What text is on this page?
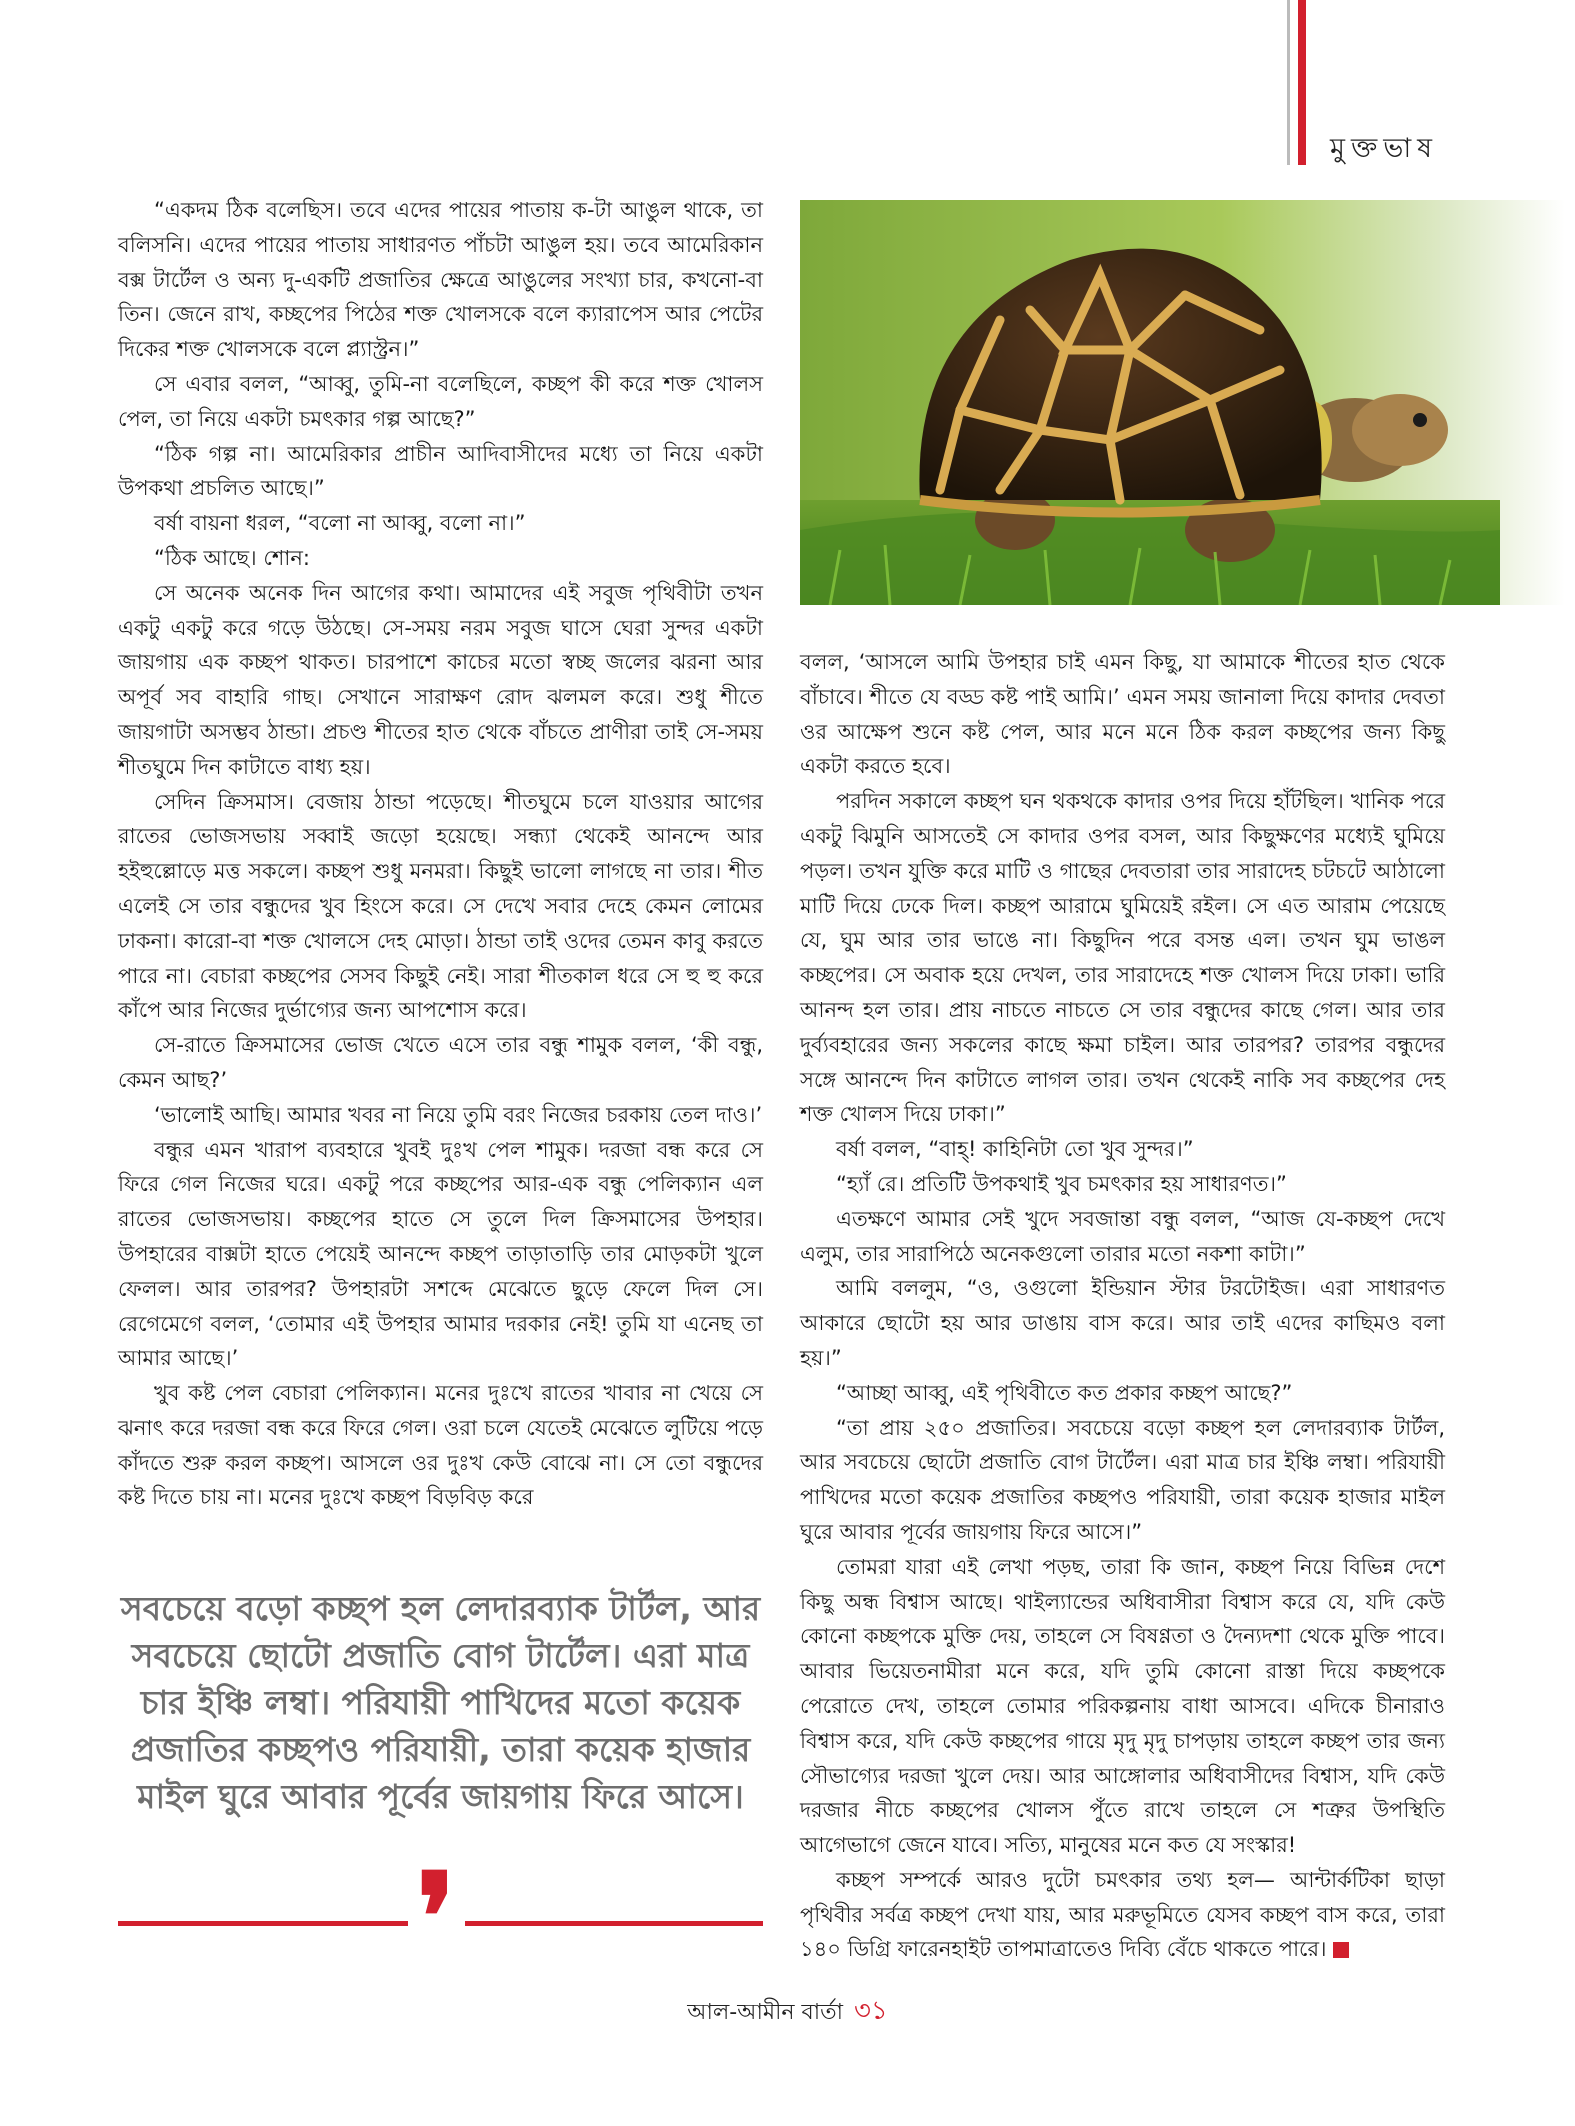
মুক্তভাষ

“একদম ঠিক বলেছিস। তবে এদের পায়ের পাতায় ক-টা আঙুল থাকে, তা বলিসনি। এদের পায়ের পাতায় সাধারণত পাঁচটা আঙুল হয়। তবে আমেরিকান বক্স টার্টেল ও অন্য দু-একটি প্রজাতির ক্ষেত্রে আঙুলের সংখ্যা চার, কখনো-বা তিন। জেনে রাখ, কচ্ছপের পিঠের শক্ত খোলসকে বলে ক্যারাপেস আর পেটের দিকের শক্ত খোলসকে বলে প্ল্যাস্ট্রন।”

সে এবার বলল, “আব্বু, তুমি-না বলেছিলে, কচ্ছপ কী করে শক্ত খোলস পেল, তা নিয়ে একটা চমৎকার গল্প আছে?”

“ঠিক গল্প না। আমেরিকার প্রাচীন আদিবাসীদের মধ্যে তা নিয়ে একটা উপকথা প্রচলিত আছে।”

বর্ষা বায়না ধরল, “বলো না আব্বু, বলো না।”

“ঠিক আছে। শোন:

সে অনেক অনেক দিন আগের কথা। আমাদের এই সবুজ পৃথিবীটা তখন একটু একটু করে গড়ে উঠছে। সে-সময় নরম সবুজ ঘাসে ঘেরা সুন্দর একটা জায়গায় এক কচ্ছপ থাকত। চারপাশে কাচের মতো স্বচ্ছ জলের ঝরনা আর অপূর্ব সব বাহারি গাছ। সেখানে সারাক্ষণ রোদ ঝলমল করে। শুধু শীতে জায়গাটা অসম্ভব ঠান্ডা। প্রচণ্ড শীতের হাত থেকে বাঁচতে প্রাণীরা তাই সে-সময় শীতঘুমে দিন কাটাতে বাধ্য হয়।

সেদিন ক্রিসমাস। বেজায় ঠান্ডা পড়েছে। শীতঘুমে চলে যাওয়ার আগের রাতের ভোজসভায় সব্বাই জড়ো হয়েছে। সন্ধ্যা থেকেই আনন্দে আর হইহুল্লোড়ে মত্ত সকলে। কচ্ছপ শুধু মনমরা। কিছুই ভালো লাগছে না তার। শীত এলেই সে তার বন্ধুদের খুব হিংসে করে। সে দেখে সবার দেহে কেমন লোমের ঢাকনা। কারো-বা শক্ত খোলসে দেহ মোড়া। ঠান্ডা তাই ওদের তেমন কাবু করতে পারে না। বেচারা কচ্ছপের সেসব কিছুই নেই। সারা শীতকাল ধরে সে হু হু করে কাঁপে আর নিজের দুর্ভাগ্যের জন্য আপশোস করে।

সে-রাতে ক্রিসমাসের ভোজ খেতে এসে তার বন্ধু শামুক বলল, ‘কী বন্ধু, কেমন আছ?’

‘ভালোই আছি। আমার খবর না নিয়ে তুমি বরং নিজের চরকায় তেল দাও।’

বন্ধুর এমন খারাপ ব্যবহারে খুবই দুঃখ পেল শামুক। দরজা বন্ধ করে সে ফিরে গেল নিজের ঘরে। একটু পরে কচ্ছপের আর-এক বন্ধু পেলিক্যান এল রাতের ভোজসভায়। কচ্ছপের হাতে সে তুলে দিল ক্রিসমাসের উপহার। উপহারের বাক্সটা হাতে পেয়েই আনন্দে কচ্ছপ তাড়াতাড়ি তার মোড়কটা খুলে ফেলল। আর তারপর? উপহারটা সশব্দে মেঝেতে ছুড়ে ফেলে দিল সে। রেগেমেগে বলল, ‘তোমার এই উপহার আমার দরকার নেই! তুমি যা এনেছ তা আমার আছে।’

খুব কষ্ট পেল বেচারা পেলিক্যান। মনের দুঃখে রাতের খাবার না খেয়ে সে ঝনাৎ করে দরজা বন্ধ করে ফিরে গেল। ওরা চলে যেতেই মেঝেতে লুটিয়ে পড়ে কাঁদতে শুরু করল কচ্ছপ। আসলে ওর দুঃখ কেউ বোঝে না। সে তো বন্ধুদের কষ্ট দিতে চায় না। মনের দুঃখে কচ্ছপ বিড়বিড় করে

বলল, ‘আসলে আমি উপহার চাই এমন কিছু, যা আমাকে শীতের হাত থেকে বাঁচাবে। শীতে যে বড্ড কষ্ট পাই আমি।’ এমন সময় জানালা দিয়ে কাদার দেবতা ওর আক্ষেপ শুনে কষ্ট পেল, আর মনে মনে ঠিক করল কচ্ছপের জন্য কিছু একটা করতে হবে।

পরদিন সকালে কচ্ছপ ঘন থকথকে কাদার ওপর দিয়ে হাঁটছিল। খানিক পরে একটু ঝিমুনি আসতেই সে কাদার ওপর বসল, আর কিছুক্ষণের মধ্যেই ঘুমিয়ে পড়ল। তখন যুক্তি করে মাটি ও গাছের দেবতারা তার সারাদেহ চটচটে আঠালো মাটি দিয়ে ঢেকে দিল। কচ্ছপ আরামে ঘুমিয়েই রইল। সে এত আরাম পেয়েছে যে, ঘুম আর তার ভাঙে না। কিছুদিন পরে বসন্ত এল। তখন ঘুম ভাঙল কচ্ছপের। সে অবাক হয়ে দেখল, তার সারাদেহে শক্ত খোলস দিয়ে ঢাকা। ভারি আনন্দ হল তার। প্রায় নাচতে নাচতে সে তার বন্ধুদের কাছে গেল। আর তার দুর্ব্যবহারের জন্য সকলের কাছে ক্ষমা চাইল। আর তারপর? তারপর বন্ধুদের সঙ্গে আনন্দে দিন কাটাতে লাগল তার। তখন থেকেই নাকি সব কচ্ছপের দেহ শক্ত খোলস দিয়ে ঢাকা।”

বর্ষা বলল, “বাহ্! কাহিনিটা তো খুব সুন্দর।”

“হ্যাঁ রে। প্রতিটি উপকথাই খুব চমৎকার হয় সাধারণত।”

এতক্ষণে আমার সেই খুদে সবজান্তা বন্ধু বলল, “আজ যে-কচ্ছপ দেখে এলুম, তার সারাপিঠে অনেকগুলো তারার মতো নকশা কাটা।”

আমি বললুম, “ও, ওগুলো ইন্ডিয়ান স্টার টরটোইজ। এরা সাধারণত আকারে ছোটো হয় আর ডাঙায় বাস করে। আর তাই এদের কাছিমও বলা হয়।”

“আচ্ছা আব্বু, এই পৃথিবীতে কত প্রকার কচ্ছপ আছে?”

“তা প্রায় ২৫০ প্রজাতির। সবচেয়ে বড়ো কচ্ছপ হল লেদারব্যাক টার্টল, আর সবচেয়ে ছোটো প্রজাতি বোগ টার্টেল। এরা মাত্র চার ইঞ্চি লম্বা। পরিযায়ী পাখিদের মতো কয়েক প্রজাতির কচ্ছপও পরিযায়ী, তারা কয়েক হাজার মাইল ঘুরে আবার পূর্বের জায়গায় ফিরে আসে।”

তোমরা যারা এই লেখা পড়ছ, তারা কি জান, কচ্ছপ নিয়ে বিভিন্ন দেশে কিছু অন্ধ বিশ্বাস আছে। থাইল্যান্ডের অধিবাসীরা বিশ্বাস করে যে, যদি কেউ কোনো কচ্ছপকে মুক্তি দেয়, তাহলে সে বিষণ্ণতা ও দৈন্যদশা থেকে মুক্তি পাবে। আবার ভিয়েতনামীরা মনে করে, যদি তুমি কোনো রাস্তা দিয়ে কচ্ছপকে পেরোতে দেখ, তাহলে তোমার পরিকল্পনায় বাধা আসবে। এদিকে চীনারাও বিশ্বাস করে, যদি কেউ কচ্ছপের গায়ে মৃদু মৃদু চাপড়ায় তাহলে কচ্ছপ তার জন্য সৌভাগ্যের দরজা খুলে দেয়। আর আঙ্গোলার অধিবাসীদের বিশ্বাস, যদি কেউ দরজার নীচে কচ্ছপের খোলস পুঁতে রাখে তাহলে সে শত্রুর উপস্থিতি আগেভাগে জেনে যাবে। সত্যি, মানুষের মনে কত যে সংস্কার!

কচ্ছপ সম্পর্কে আরও দুটো চমৎকার তথ্য হল— আন্টার্কটিকা ছাড়া পৃথিবীর সর্বত্র কচ্ছপ দেখা যায়, আর মরুভূমিতে যেসব কচ্ছপ বাস করে, তারা ১৪০ ডিগ্রি ফারেনহাইট তাপমাত্রাতেও দিব্যি বেঁচে থাকতে পারে।

সবচেয়ে বড়ো কচ্ছপ হল লেদারব্যাক টার্টল, আর সবচেয়ে ছোটো প্রজাতি বোগ টার্টেল। এরা মাত্র চার ইঞ্চি লম্বা। পরিযায়ী পাখিদের মতো কয়েক প্রজাতির কচ্ছপও পরিযায়ী, তারা কয়েক হাজার মাইল ঘুরে আবার পূর্বের জায়গায় ফিরে আসে।
❜
আল-আমীন বার্তা ৩১
